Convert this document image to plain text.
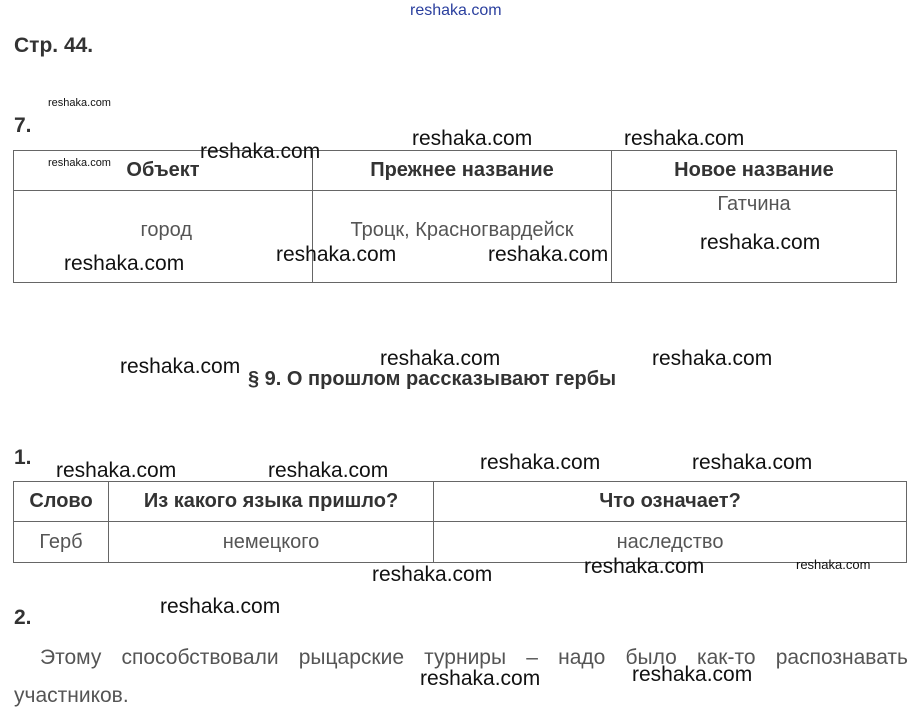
reshaka.com
Стр. 44.
7.
Объект	Прежнее название	Новое название
город	Троцк, Красногвардейск	Гатчина
§ 9. О прошлом рассказывают гербы
1.
Слово	Из какого языка пришло?	Что означает?
Герб	немецкого	наследство
2.
Этому способствовали рыцарские турниры – надо было как-то распознавать
участников.
reshaka.com
reshaka.com	reshaka.com
reshaka.com	reshaka.com
reshaka.com
reshaka.com	reshaka.com	reshaka.com
reshaka.com	reshaka.com	reshaka.com
reshaka.com	reshaka.com	reshaka.com	reshaka.com
reshaka.com	reshaka.com	reshaka.com
reshaka.com
reshaka.com	reshaka.com
